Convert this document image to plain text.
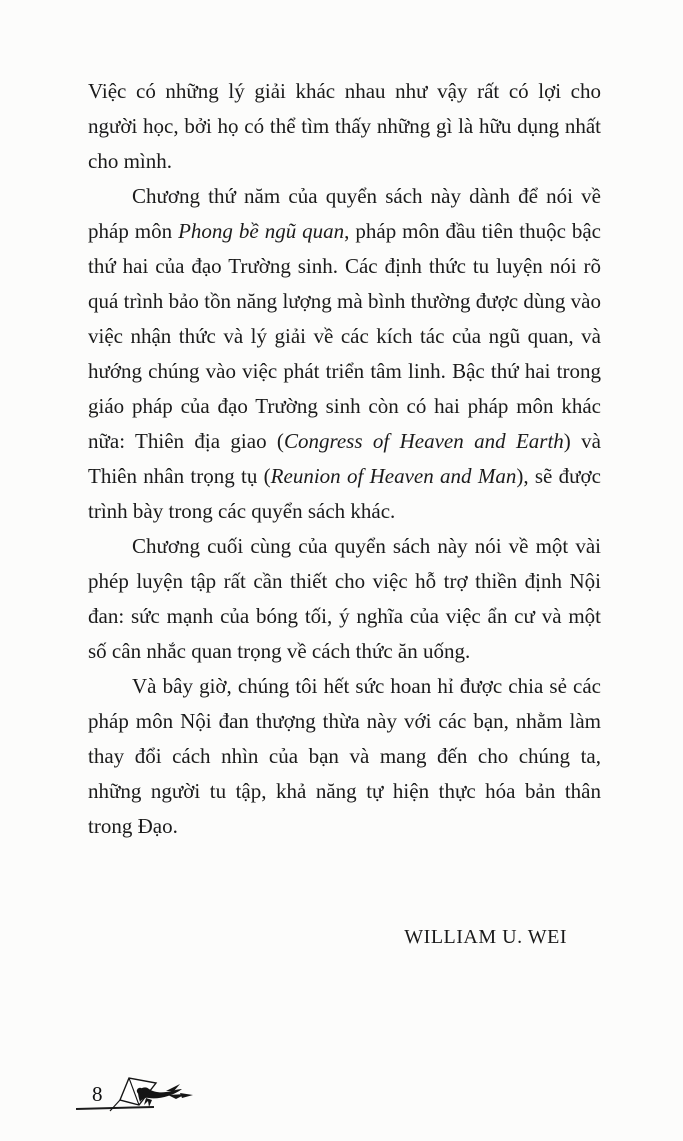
Việc có những lý giải khác nhau như vậy rất có lợi cho người học, bởi họ có thể tìm thấy những gì là hữu dụng nhất cho mình.

Chương thứ năm của quyển sách này dành để nói về pháp môn Phong bề ngũ quan, pháp môn đầu tiên thuộc bậc thứ hai của đạo Trường sinh. Các định thức tu luyện nói rõ quá trình bảo tồn năng lượng mà bình thường được dùng vào việc nhận thức và lý giải về các kích tác của ngũ quan, và hướng chúng vào việc phát triển tâm linh. Bậc thứ hai trong giáo pháp của đạo Trường sinh còn có hai pháp môn khác nữa: Thiên địa giao (Congress of Heaven and Earth) và Thiên nhân trọng tụ (Reunion of Heaven and Man), sẽ được trình bày trong các quyển sách khác.

Chương cuối cùng của quyển sách này nói về một vài phép luyện tập rất cần thiết cho việc hỗ trợ thiền định Nội đan: sức mạnh của bóng tối, ý nghĩa của việc ẩn cư và một số cân nhắc quan trọng về cách thức ăn uống.

Và bây giờ, chúng tôi hết sức hoan hỉ được chia sẻ các pháp môn Nội đan thượng thừa này với các bạn, nhằm làm thay đổi cách nhìn của bạn và mang đến cho chúng ta, những người tu tập, khả năng tự hiện thực hóa bản thân trong Đạo.

WILLIAM U. WEI
8
